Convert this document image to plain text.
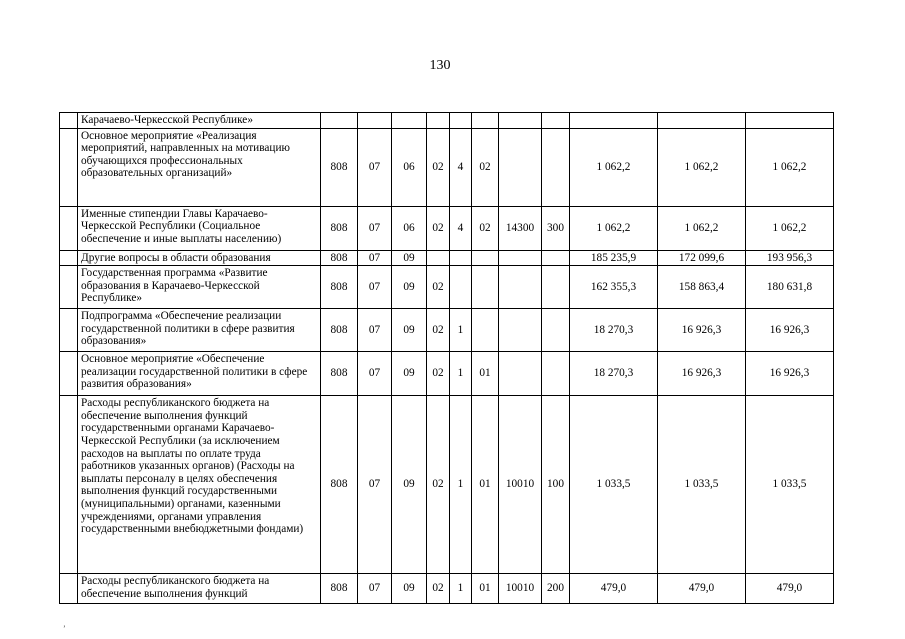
130
	Карачаево-Черкесской Республике»											
	Основное мероприятие «Реализация мероприятий, направленных на мотивацию обучающихся профессиональных образовательных организаций»	808	07	06	02	4	02			1 062,2	1 062,2	1 062,2
	Именные стипендии Главы Карачаево-Черкесской Республики (Социальное обеспечение и иные выплаты населению)	808	07	06	02	4	02	14300	300	1 062,2	1 062,2	1 062,2
	Другие вопросы в области образования	808	07	09						185 235,9	172 099,6	193 956,3
	Государственная программа «Развитие образования в Карачаево-Черкесской Республике»	808	07	09	02					162 355,3	158 863,4	180 631,8
	Подпрограмма «Обеспечение реализации государственной политики в сфере развития образования»	808	07	09	02	1				18 270,3	16 926,3	16 926,3
	Основное мероприятие «Обеспечение реализации государственной политики в сфере развития образования»	808	07	09	02	1	01			18 270,3	16 926,3	16 926,3
	Расходы республиканского бюджета на обеспечение выполнения функций государственными органами Карачаево-Черкесской Республики (за исключением расходов на выплаты по оплате труда работников указанных органов) (Расходы на выплаты персоналу в целях обеспечения выполнения функций государственными (муниципальными) органами, казенными учреждениями, органами управления государственными внебюджетными фондами)	808	07	09	02	1	01	10010	100	1 033,5	1 033,5	1 033,5
	Расходы республиканского бюджета на обеспечение выполнения функций	808	07	09	02	1	01	10010	200	479,0	479,0	479,0
’
